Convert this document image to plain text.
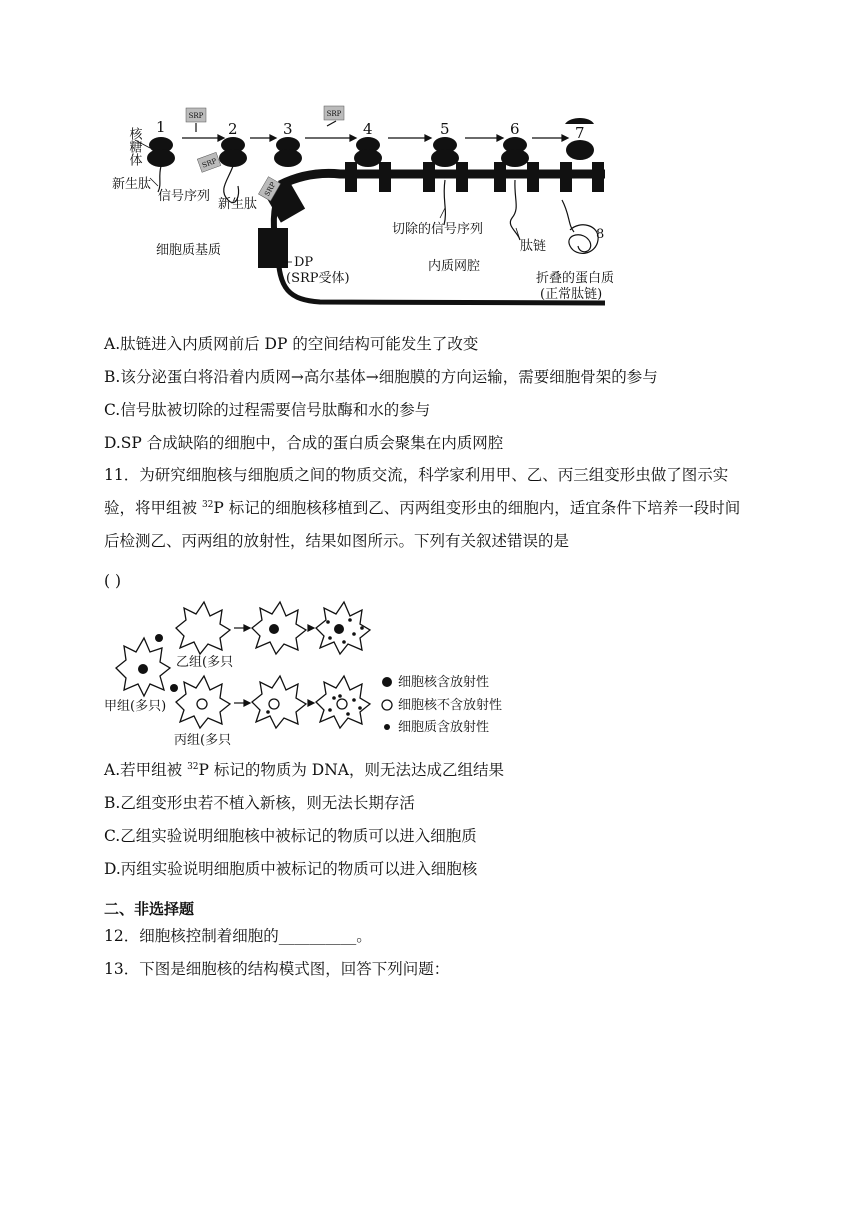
SRP	SRP
SRP
SRP
核糖体 1	2	3	4	5	6	7
新生肽
信号序列
新生肽
细胞质基质
DP
(SRP受体)
切除的信号序列
内质网腔
肽链
8
折叠的蛋白质
(正常肽链)
A.肽链进入内质网前后 DP 的空间结构可能发生了改变
B.该分泌蛋白将沿着内质网→高尔基体→细胞膜的方向运输，需要细胞骨架的参与
C.信号肽被切除的过程需要信号肽酶和水的参与
D.SP 合成缺陷的细胞中，合成的蛋白质会聚集在内质网腔
11．为研究细胞核与细胞质之间的物质交流，科学家利用甲、乙、丙三组变形虫做了图示实验，将甲组被 $^{32}$P 标记的细胞核移植到乙、丙两组变形虫的细胞内，适宜条件下培养一段时间后检测乙、丙两组的放射性，结果如图所示。下列有关叙述错误的是
( )
乙组(多只
甲组(多只)
丙组(多只
细胞核含放射性
细胞核不含放射性
细胞质含放射性
A.若甲组被 $^{32}$P 标记的物质为 DNA，则无法达成乙组结果
B.乙组变形虫若不植入新核，则无法长期存活
C.乙组实验说明细胞核中被标记的物质可以进入细胞质
D.丙组实验说明细胞质中被标记的物质可以进入细胞核
二、非选择题
12．细胞核控制着细胞的__________。
13．下图是细胞核的结构模式图，回答下列问题：
